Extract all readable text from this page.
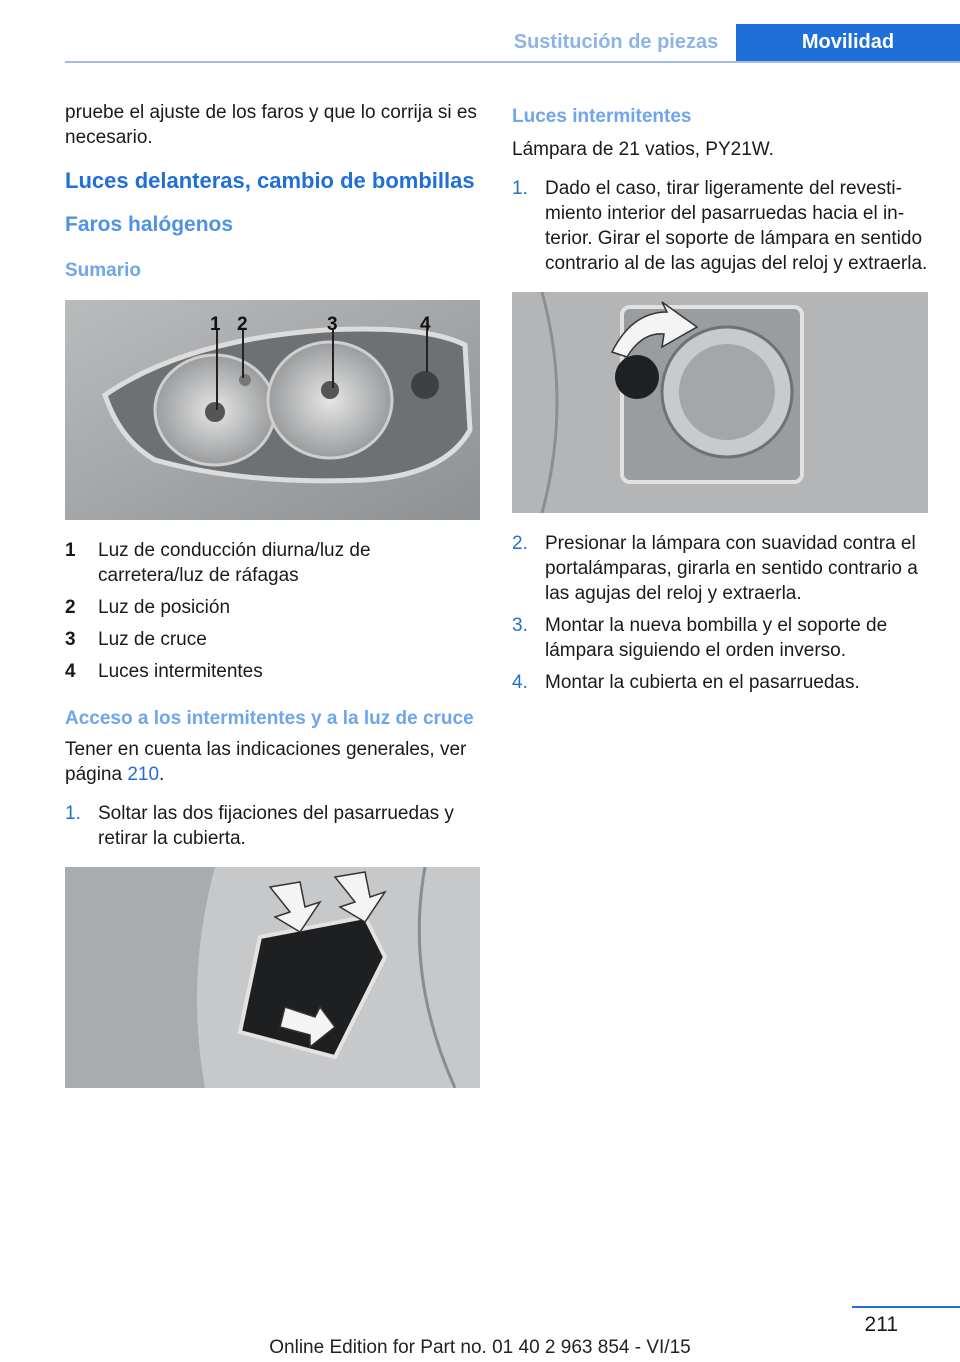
Sustitución de piezas	Movilidad

pruebe el ajuste de los faros y que lo corrija si es necesario.

Luces delanteras, cambio de bombillas
Faros halógenos
Sumario
1 2	3	4
1	Luz de conducción diurna/luz de carretera/luz de ráfagas
2	Luz de posición
3	Luz de cruce
4	Luces intermitentes
Acceso a los intermitentes y a la luz de cruce

Tener en cuenta las indicaciones generales, ver página 210.

1. Soltar las dos fijaciones del pasarruedas y retirar la cubierta.
Luces intermitentes

Lámpara de 21 vatios, PY21W.

1. Dado el caso, tirar ligeramente del revestimiento interior del pasarruedas hacia el interior. Girar el soporte de lámpara en sentido contrario al de las agujas del reloj y extraerla.
2. Presionar la lámpara con suavidad contra el portalámparas, girarla en sentido contrario a las agujas del reloj y extraerla.
3. Montar la nueva bombilla y el soporte de lámpara siguiendo el orden inverso.
4. Montar la cubierta en el pasarruedas.
211
Online Edition for Part no. 01 40 2 963 854 - VI/15
